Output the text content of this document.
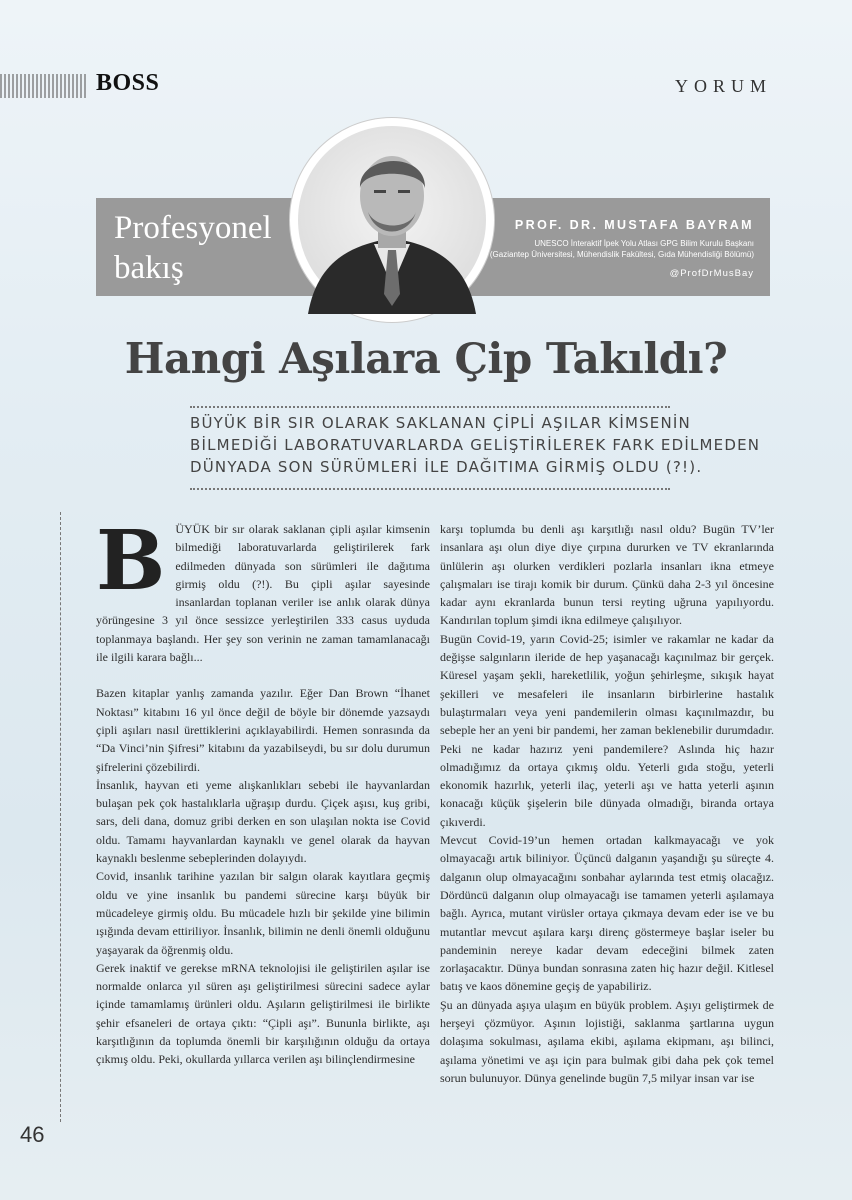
BOSS	YORUM
Profesyonel
bakış
PROF. DR. MUSTAFA BAYRAM
UNESCO İnteraktif İpek Yolu Atlası GPG Bilim Kurulu Başkanı
(Gaziantep Üniversitesi, Mühendislik Fakültesi, Gıda Mühendisliği Bölümü)
@ProfDrMusBay
Hangi Aşılara Çip Takıldı?
BÜYÜK BİR SIR OLARAK SAKLANAN ÇİPLİ AŞILAR KİMSENİN
BİLMEDİĞİ LABORATUVARLARDA GELİŞTİRİLEREK FARK EDİLMEDEN
DÜNYADA SON SÜRÜMLERİ İLE DAĞITIMA GİRMİŞ OLDU (?!).
B ÜYÜK bir sır olarak saklanan çipli aşılar kimsenin bilmediği laboratuvarlarda geliştirilerek fark edilmeden dünyada son sürümleri ile dağıtıma girmiş oldu (?!). Bu çipli aşılar sayesinde insanlardan toplanan veriler ise anlık olarak dünya yörüngesine 3 yıl önce sessizce yerleştirilen 333 casus uyduda toplanmaya başlandı. Her şey son verinin ne zaman tamamlanacağı ile ilgili karara bağlı...

Bazen kitaplar yanlış zamanda yazılır. Eğer Dan Brown “İhanet Noktası” kitabını 16 yıl önce değil de böyle bir dönemde yazsaydı çipli aşıları nasıl ürettiklerini açıklayabilirdi. Hemen sonrasında da “Da Vinci’nin Şifresi” kitabını da yazabilseydi, bu sır dolu durumun şifrelerini çözebilirdi.

İnsanlık, hayvan eti yeme alışkanlıkları sebebi ile hayvanlardan bulaşan pek çok hastalıklarla uğraşıp durdu. Çiçek aşısı, kuş gribi, sars, deli dana, domuz gribi derken en son ulaşılan nokta ise Covid oldu. Tamamı hayvanlardan kaynaklı ve genel olarak da hayvan kaynaklı beslenme sebeplerinden dolayıydı.

Covid, insanlık tarihine yazılan bir salgın olarak kayıtlara geçmiş oldu ve yine insanlık bu pandemi sürecine karşı büyük bir mücadeleye girmiş oldu. Bu mücadele hızlı bir şekilde yine bilimin ışığında devam ettiriliyor. İnsanlık, bilimin ne denli önemli olduğunu yaşayarak da öğrenmiş oldu.

Gerek inaktif ve gerekse mRNA teknolojisi ile geliştirilen aşılar ise normalde onlarca yıl süren aşı geliştirilmesi sürecini sadece aylar içinde tamamlamış ürünleri oldu. Aşıların geliştirilmesi ile birlikte şehir efsaneleri de ortaya çıktı: “Çipli aşı”. Bununla birlikte, aşı karşıtlığının da toplumda önemli bir karşılığının olduğu da ortaya çıkmış oldu. Peki, okullarda yıllarca verilen aşı bilinçlendirmesine

karşı toplumda bu denli aşı karşıtlığı nasıl oldu? Bugün TV’ler insanlara aşı olun diye diye çırpına dururken ve TV ekranlarında ünlülerin aşı olurken verdikleri pozlarla insanları ikna etmeye çalışmaları ise tirajı komik bir durum. Çünkü daha 2-3 yıl öncesine kadar aynı ekranlarda bunun tersi reyting uğruna yapılıyordu. Kandırılan toplum şimdi ikna edilmeye çalışılıyor.

Bugün Covid-19, yarın Covid-25; isimler ve rakamlar ne kadar da değişse salgınların ileride de hep yaşanacağı kaçınılmaz bir gerçek. Küresel yaşam şekli, hareketlilik, yoğun şehirleşme, sıkışık hayat şekilleri ve mesafeleri ile insanların birbirlerine hastalık bulaştırmaları veya yeni pandemilerin olması kaçınılmazdır, bu sebeple her an yeni bir pandemi, her zaman beklenebilir durumdadır. Peki ne kadar hazırız yeni pandemilere? Aslında hiç hazır olmadığımız da ortaya çıkmış oldu. Yeterli gıda stoğu, yeterli ekonomik hazırlık, yeterli ilaç, yeterli aşı ve hatta yeterli aşının konacağı küçük şişelerin bile dünyada olmadığı, biranda ortaya çıkıverdi.

Mevcut Covid-19’un hemen ortadan kalkmayacağı ve yok olmayacağı artık biliniyor. Üçüncü dalganın yaşandığı şu süreçte 4. dalganın olup olmayacağını sonbahar aylarında test etmiş olacağız. Dördüncü dalganın olup olmayacağı ise tamamen yeterli aşılamaya bağlı. Ayrıca, mutant virüsler ortaya çıkmaya devam eder ise ve bu mutantlar mevcut aşılara karşı direnç göstermeye başlar iseler bu pandeminin nereye kadar devam edeceğini bilmek zaten zorlaşacaktır. Dünya bundan sonrasına zaten hiç hazır değil. Kitlesel batış ve kaos dönemine geçiş de yapabiliriz.

Şu an dünyada aşıya ulaşım en büyük problem. Aşıyı geliştirmek de herşeyi çözmüyor. Aşının lojistiği, saklanma şartlarına uygun dolaşıma sokulması, aşılama ekibi, aşılama ekipmanı, aşı bilinci, aşılama yönetimi ve aşı için para bulmak gibi daha pek çok temel sorun bulunuyor. Dünya genelinde bugün 7,5 milyar insan var ise

46
